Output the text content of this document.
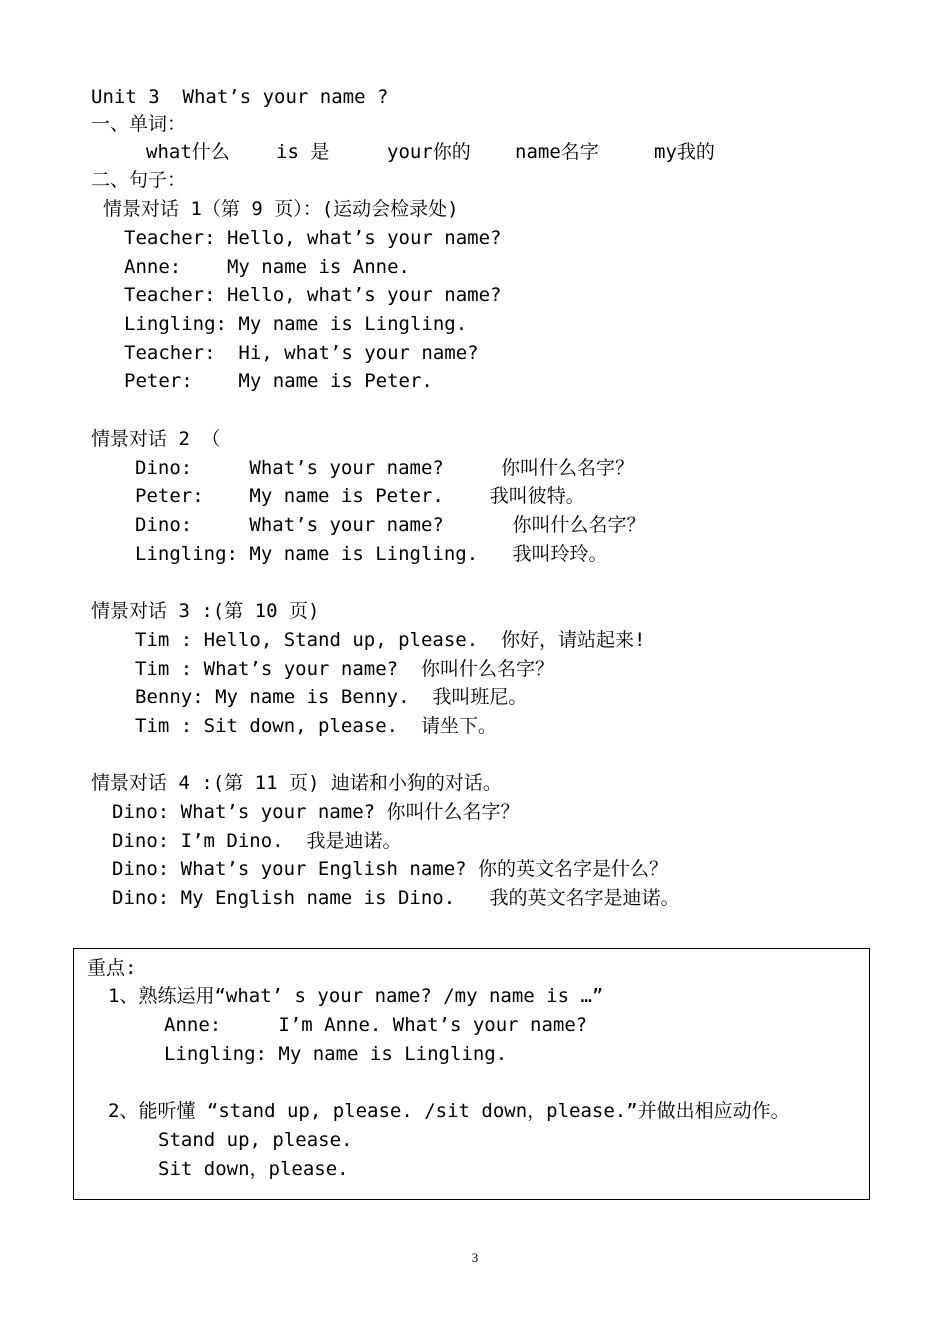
Unit 3  What’s your name ?
一、单词：
what什么 is 是	your你的 name名字	my我的
二、句子：
情景对话 1（第 9 页）：(运动会检录处)
Teacher: Hello, what’s your name?
Anne:    My name is Anne.
Teacher: Hello, what’s your name?
Lingling: My name is Lingling.
Teacher:  Hi, what’s your name?
Peter:    My name is Peter.
情景对话 2 （
Dino:     What’s your name?     你叫什么名字？
Peter:    My name is Peter.    我叫彼特。
Dino:     What’s your name?      你叫什么名字？
Lingling: My name is Lingling.   我叫玲玲。
情景对话 3 :(第 10 页)
Tim : Hello, Stand up, please.  你好，请站起来!
Tim : What’s your name?  你叫什么名字？
Benny: My name is Benny.  我叫班尼。
Tim : Sit down, please.  请坐下。
情景对话 4 :(第 11 页) 迪诺和小狗的对话。
Dino: What’s your name? 你叫什么名字？
Dino: I’m Dino.  我是迪诺。
Dino: What’s your English name? 你的英文名字是什么？
Dino: My English name is Dino.   我的英文名字是迪诺。
重点:
1、熟练运用“what’ s your name? /my name is …”
Anne:     I’m Anne. What’s your name?
Lingling: My name is Lingling.
2、能听懂 “stand up, please. /sit down，please.”并做出相应动作。
Stand up, please.
Sit down，please.
3
